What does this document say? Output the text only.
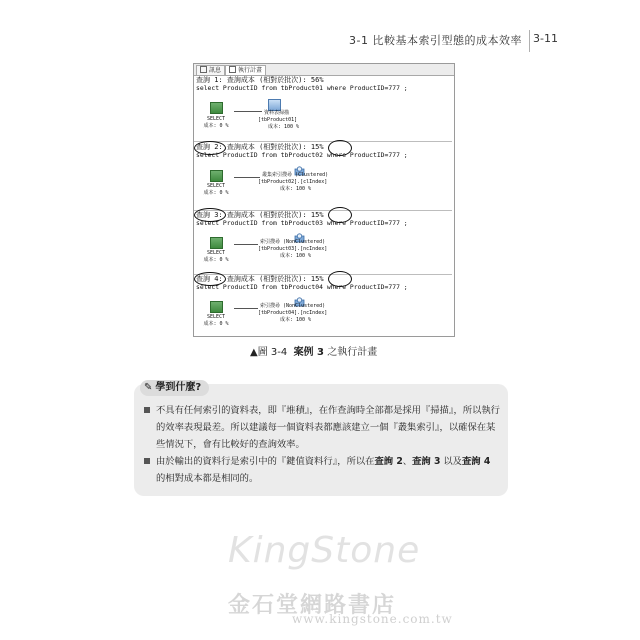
3-1 比較基本索引型態的成本效率 3-11
訊息	執行計畫
查詢 1: 查詢成本 (相對於批次): 56%
select ProductID from tbProduct01 where ProductID=777 ;
SELECT
成本: 0 %
資料表掃描
[tbProduct01]
成本: 100 %
查詢 2: 查詢成本 (相對於批次): 15%
select ProductID from tbProduct02 where ProductID=777 ;
SELECT
成本: 0 %
叢集索引搜尋 (Clustered)
[tbProduct02].[clIndex]
成本: 100 %
查詢 3: 查詢成本 (相對於批次): 15%
select ProductID from tbProduct03 where ProductID=777 ;
SELECT
成本: 0 %
索引搜尋 (NonClustered)
[tbProduct03].[ncIndex]
成本: 100 %
查詢 4: 查詢成本 (相對於批次): 15%
select ProductID from tbProduct04 where ProductID=777 ;
SELECT
成本: 0 %
索引搜尋 (NonClustered)
[tbProduct04].[ncIndex]
成本: 100 %
▲圖 3-4 案例 3 之執行計畫
✎ 學到什麼?
不具有任何索引的資料表，即『堆積』，在作查詢時全部都是採用『掃描』，所以執行的效率表現最差。所以建議每一個資料表都應該建立一個『叢集索引』，以確保在某些情況下，會有比較好的查詢效率。
由於輸出的資料行是索引中的『鍵值資料行』，所以在查詢 2、查詢 3 以及查詢 4 的相對成本都是相同的。
KingStone
金石堂網路書店
www.kingstone.com.tw
